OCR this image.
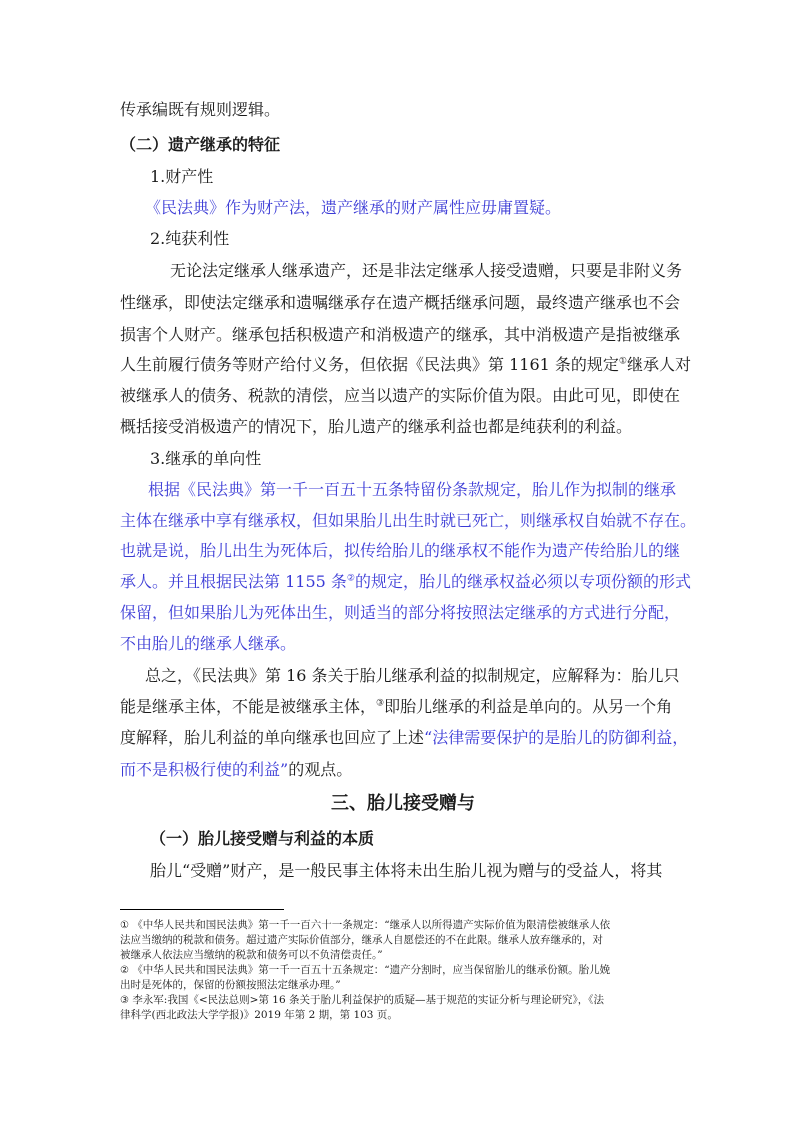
传承编既有规则逻辑。
（二）遗产继承的特征
1.财产性
《民法典》作为财产法，遗产继承的财产属性应毋庸置疑。
2.纯获利性
无论法定继承人继承遗产，还是非法定继承人接受遗赠，只要是非附义务
性继承，即使法定继承和遗嘱继承存在遗产概括继承问题，最终遗产继承也不会
损害个人财产。继承包括积极遗产和消极遗产的继承，其中消极遗产是指被继承
人生前履行债务等财产给付义务，但依据《民法典》第 1161 条的规定①继承人对
被继承人的债务、税款的清偿，应当以遗产的实际价值为限。由此可见，即使在
概括接受消极遗产的情况下，胎儿遗产的继承利益也都是纯获利的利益。
3.继承的单向性
根据《民法典》第一千一百五十五条特留份条款规定，胎儿作为拟制的继承
主体在继承中享有继承权，但如果胎儿出生时就已死亡，则继承权自始就不存在。
也就是说，胎儿出生为死体后，拟传给胎儿的继承权不能作为遗产传给胎儿的继
承人。并且根据民法第 1155 条②的规定，胎儿的继承权益必须以专项份额的形式
保留，但如果胎儿为死体出生，则适当的部分将按照法定继承的方式进行分配，
不由胎儿的继承人继承。
总之，《民法典》第 16 条关于胎儿继承利益的拟制规定，应解释为：胎儿只
能是继承主体，不能是被继承主体，③即胎儿继承的利益是单向的。从另一个角
度解释，胎儿利益的单向继承也回应了上述“法律需要保护的是胎儿的防御利益，
而不是积极行使的利益”的观点。
三、胎儿接受赠与
（一）胎儿接受赠与利益的本质
胎儿“受赠”财产，是一般民事主体将未出生胎儿视为赠与的受益人，将其
① 《中华人民共和国民法典》第一千一百六十一条规定：“继承人以所得遗产实际价值为限清偿被继承人依
法应当缴纳的税款和债务。超过遗产实际价值部分，继承人自愿偿还的不在此限。继承人放弃继承的，对
被继承人依法应当缴纳的税款和债务可以不负清偿责任。”
② 《中华人民共和国民法典》第一千一百五十五条规定：“遗产分割时，应当保留胎儿的继承份额。胎儿娩
出时是死体的，保留的份额按照法定继承办理。”
③ 李永军:我国《<民法总则>第 16 条关于胎儿利益保护的质疑—基于规范的实证分析与理论研究》，《法
律科学(西北政法大学学报)》2019 年第 2 期，第 103 页。
